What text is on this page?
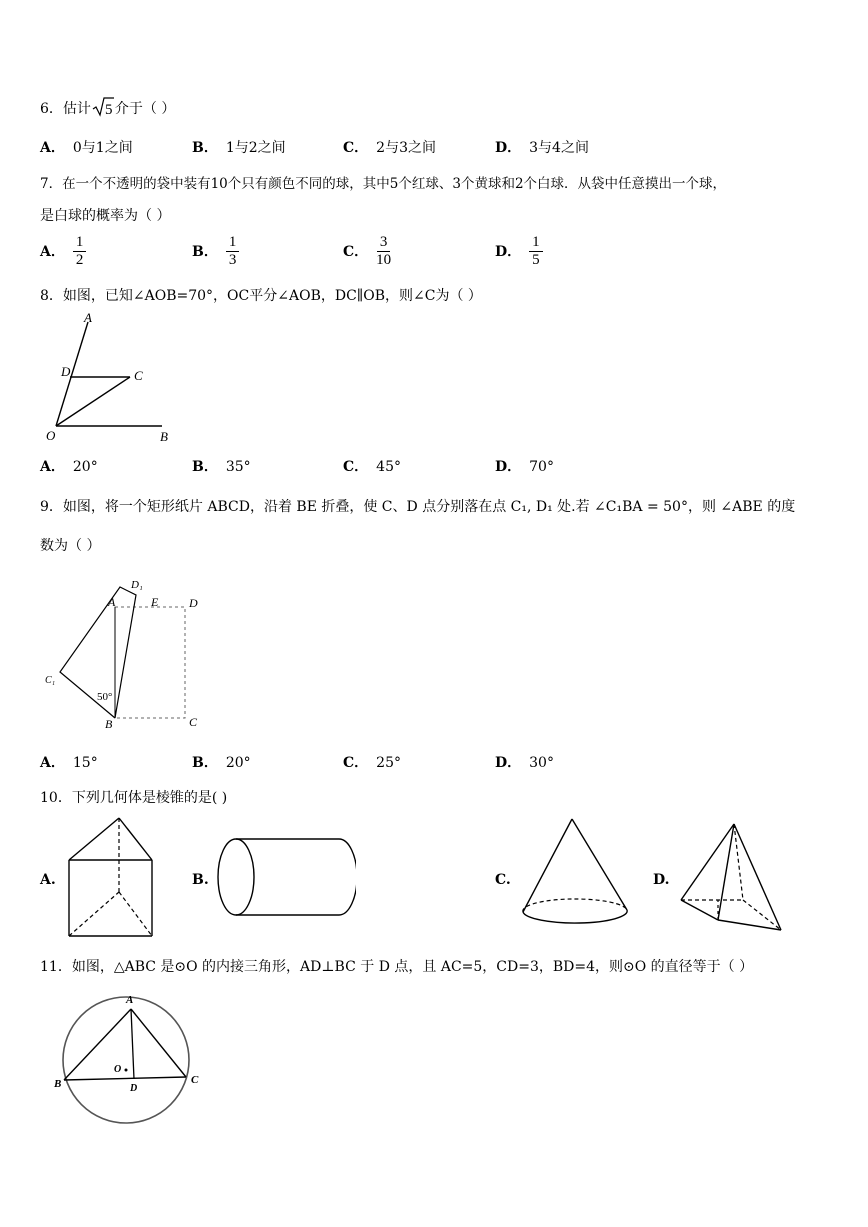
6．估计 5 介于（ ）
A． 0与1之间	B． 1与2之间	C． 2与3之间	D． 3与4之间
7．在一个不透明的袋中装有10个只有颜色不同的球，其中5个红球、3个黄球和2个白球．从袋中任意摸出一个球，
是白球的概率为（ ）
A． $\frac{1}{2}$	B． $\frac{1}{3}$	C． $\frac{3}{10}$	D． $\frac{1}{5}$
8．如图，已知∠AOB=70°，OC平分∠AOB，DC∥OB，则∠C为（ ）
A
D	C
O	B
A． 20°	B． 35°	C． 45°	D． 70°
9．如图，将一个矩形纸片 ABCD，沿着 BE 折叠，使 C、D 点分别落在点 C₁, D₁ 处.若 ∠C₁BA = 50°，则 ∠ABE 的度
数为（ ）
A
D₁
E	D
C₁
50°
B	C
A． 15°	B． 20°	C． 25°	D． 30°
10．下列几何体是棱锥的是( )
A.	B.	C.	D.
11．如图，△ABC 是⊙O 的内接三角形，AD⊥BC 于 D 点，且 AC=5，CD=3，BD=4，则⊙O 的直径等于（ ）
A
B	C
D
O
